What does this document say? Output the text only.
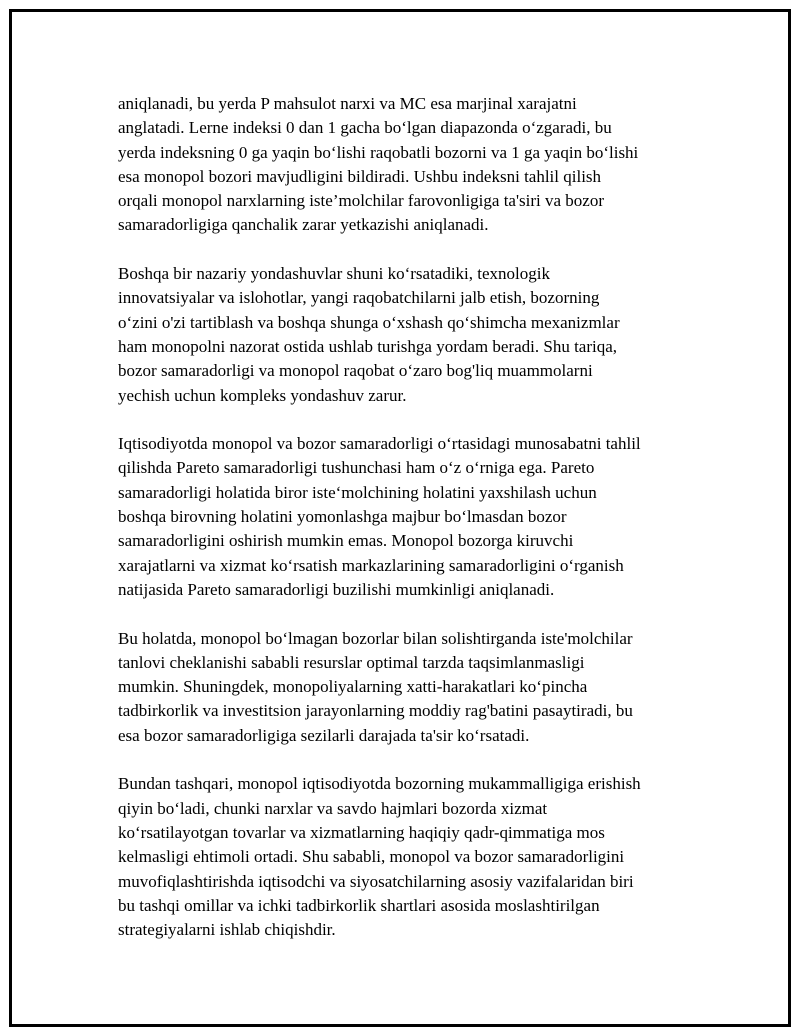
aniqlanadi, bu yerda P mahsulot narxi va MC esa marjinal xarajatni
anglatadi. Lerne indeksi 0 dan 1 gacha bo‘lgan diapazonda o‘zgaradi, bu
yerda indeksning 0 ga yaqin bo‘lishi raqobatli bozorni va 1 ga yaqin bo‘lishi
esa monopol bozori mavjudligini bildiradi. Ushbu indeksni tahlil qilish
orqali monopol narxlarning iste’molchilar farovonligiga ta'siri va bozor
samaradorligiga qanchalik zarar yetkazishi aniqlanadi.

Boshqa bir nazariy yondashuvlar shuni ko‘rsatadiki, texnologik
innovatsiyalar va islohotlar, yangi raqobatchilarni jalb etish, bozorning
o‘zini o'zi tartiblash va boshqa shunga o‘xshash qo‘shimcha mexanizmlar
ham monopolni nazorat ostida ushlab turishga yordam beradi. Shu tariqa,
bozor samaradorligi va monopol raqobat o‘zaro bog'liq muammolarni
yechish uchun kompleks yondashuv zarur.

Iqtisodiyotda monopol va bozor samaradorligi o‘rtasidagi munosabatni tahlil
qilishda Pareto samaradorligi tushunchasi ham o‘z o‘rniga ega. Pareto
samaradorligi holatida biror iste‘molchining holatini yaxshilash uchun
boshqa birovning holatini yomonlashga majbur bo‘lmasdan bozor
samaradorligini oshirish mumkin emas. Monopol bozorga kiruvchi
xarajatlarni va xizmat ko‘rsatish markazlarining samaradorligini o‘rganish
natijasida Pareto samaradorligi buzilishi mumkinligi aniqlanadi.

Bu holatda, monopol bo‘lmagan bozorlar bilan solishtirganda iste'molchilar
tanlovi cheklanishi sababli resurslar optimal tarzda taqsimlanmasligi
mumkin. Shuningdek, monopoliyalarning xatti-harakatlari ko‘pincha
tadbirkorlik va investitsion jarayonlarning moddiy rag'batini pasaytiradi, bu
esa bozor samaradorligiga sezilarli darajada ta'sir ko‘rsatadi.

Bundan tashqari, monopol iqtisodiyotda bozorning mukammalligiga erishish
qiyin bo‘ladi, chunki narxlar va savdo hajmlari bozorda xizmat
ko‘rsatilayotgan tovarlar va xizmatlarning haqiqiy qadr-qimmatiga mos
kelmasligi ehtimoli ortadi. Shu sababli, monopol va bozor samaradorligini
muvofiqlashtirishda iqtisodchi va siyosatchilarning asosiy vazifalaridan biri
bu tashqi omillar va ichki tadbirkorlik shartlari asosida moslashtirilgan
strategiyalarni ishlab chiqishdir.
